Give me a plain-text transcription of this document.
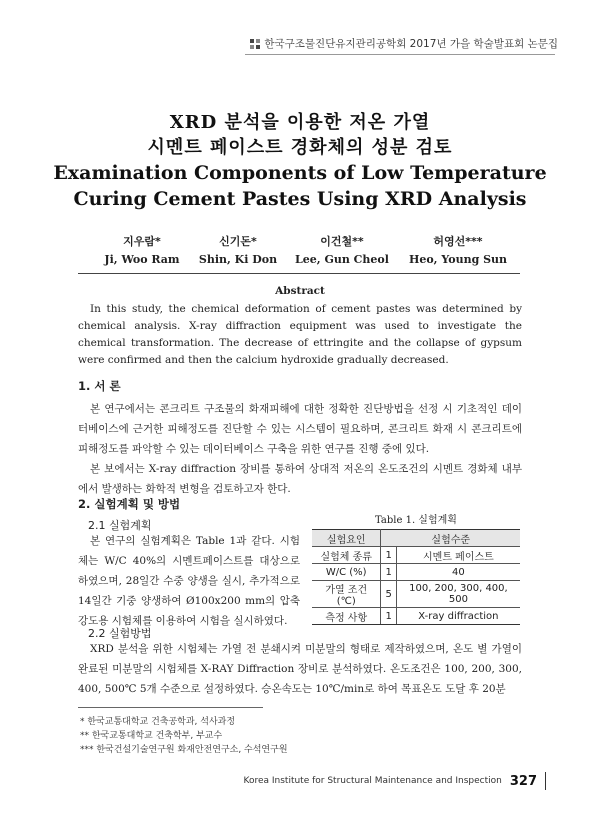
한국구조물진단유지관리공학회 2017년 가을 학술발표회 논문집
XRD 분석을 이용한 저온 가열
시멘트 페이스트 경화체의 성분 검토
Examination Components of Low Temperature
Curing Cement Pastes Using XRD Analysis
지우람*
Ji, Woo Ram
신기돈*
Shin, Ki Don
이건철**
Lee, Gun Cheol
허영선***
Heo, Young Sun
Abstract
In this study, the chemical deformation of cement pastes was determined by chemical analysis. X-ray diffraction equipment was used to investigate the chemical transformation. The decrease of ettringite and the collapse of gypsum were confirmed and then the calcium hydroxide gradually decreased.
1. 서 론
본 연구에서는 콘크리트 구조물의 화재피해에 대한 정확한 진단방법을 선정 시 기초적인 데이터베이스에 근거한 피해정도를 진단할 수 있는 시스템이 필요하며, 콘크리트 화재 시 콘크리트에 피해정도를 파악할 수 있는 데이터베이스 구축을 위한 연구를 진행 중에 있다.
본 보에서는 X-ray diffraction 장비를 통하여 상대적 저온의 온도조건의 시멘트 경화체 내부에서 발생하는 화학적 변형을 검토하고자 한다.
2. 실험계획 및 방법
2.1 실험계획
본 연구의 실험계획은 Table 1과 같다. 시험체는 W/C 40%의 시멘트페이스트를 대상으로 하였으며, 28일간 수중 양생을 실시, 추가적으로 14일간 기중 양생하여 Ø100x200 mm의 압축강도용 시험체를 이용하여 시험을 실시하였다.
Table 1. 실험계획
실험요인	실험수준	
실험체 종류	1	시멘트 페이스트
W/C (%)	1	40
가열 조건 (℃)	5	100, 200, 300, 400, 500
측정 사항	1	X-ray diffraction
2.2 실험방법
XRD 분석을 위한 시험체는 가열 전 분쇄시켜 미분말의 형태로 제작하였으며, 온도 별 가열이 완료된 미분말의 시험체를 X-RAY Diffraction 장비로 분석하였다. 온도조건은 100, 200, 300, 400, 500℃ 5개 수준으로 설정하였다. 승온속도는 10℃/min로 하여 목표온도 도달 후 20분
* 한국교통대학교 건축공학과, 석사과정
** 한국교통대학교 건축학부, 부교수
*** 한국건설기술연구원 화재안전연구소, 수석연구원
Korea Institute for Structural Maintenance and Inspection 327
